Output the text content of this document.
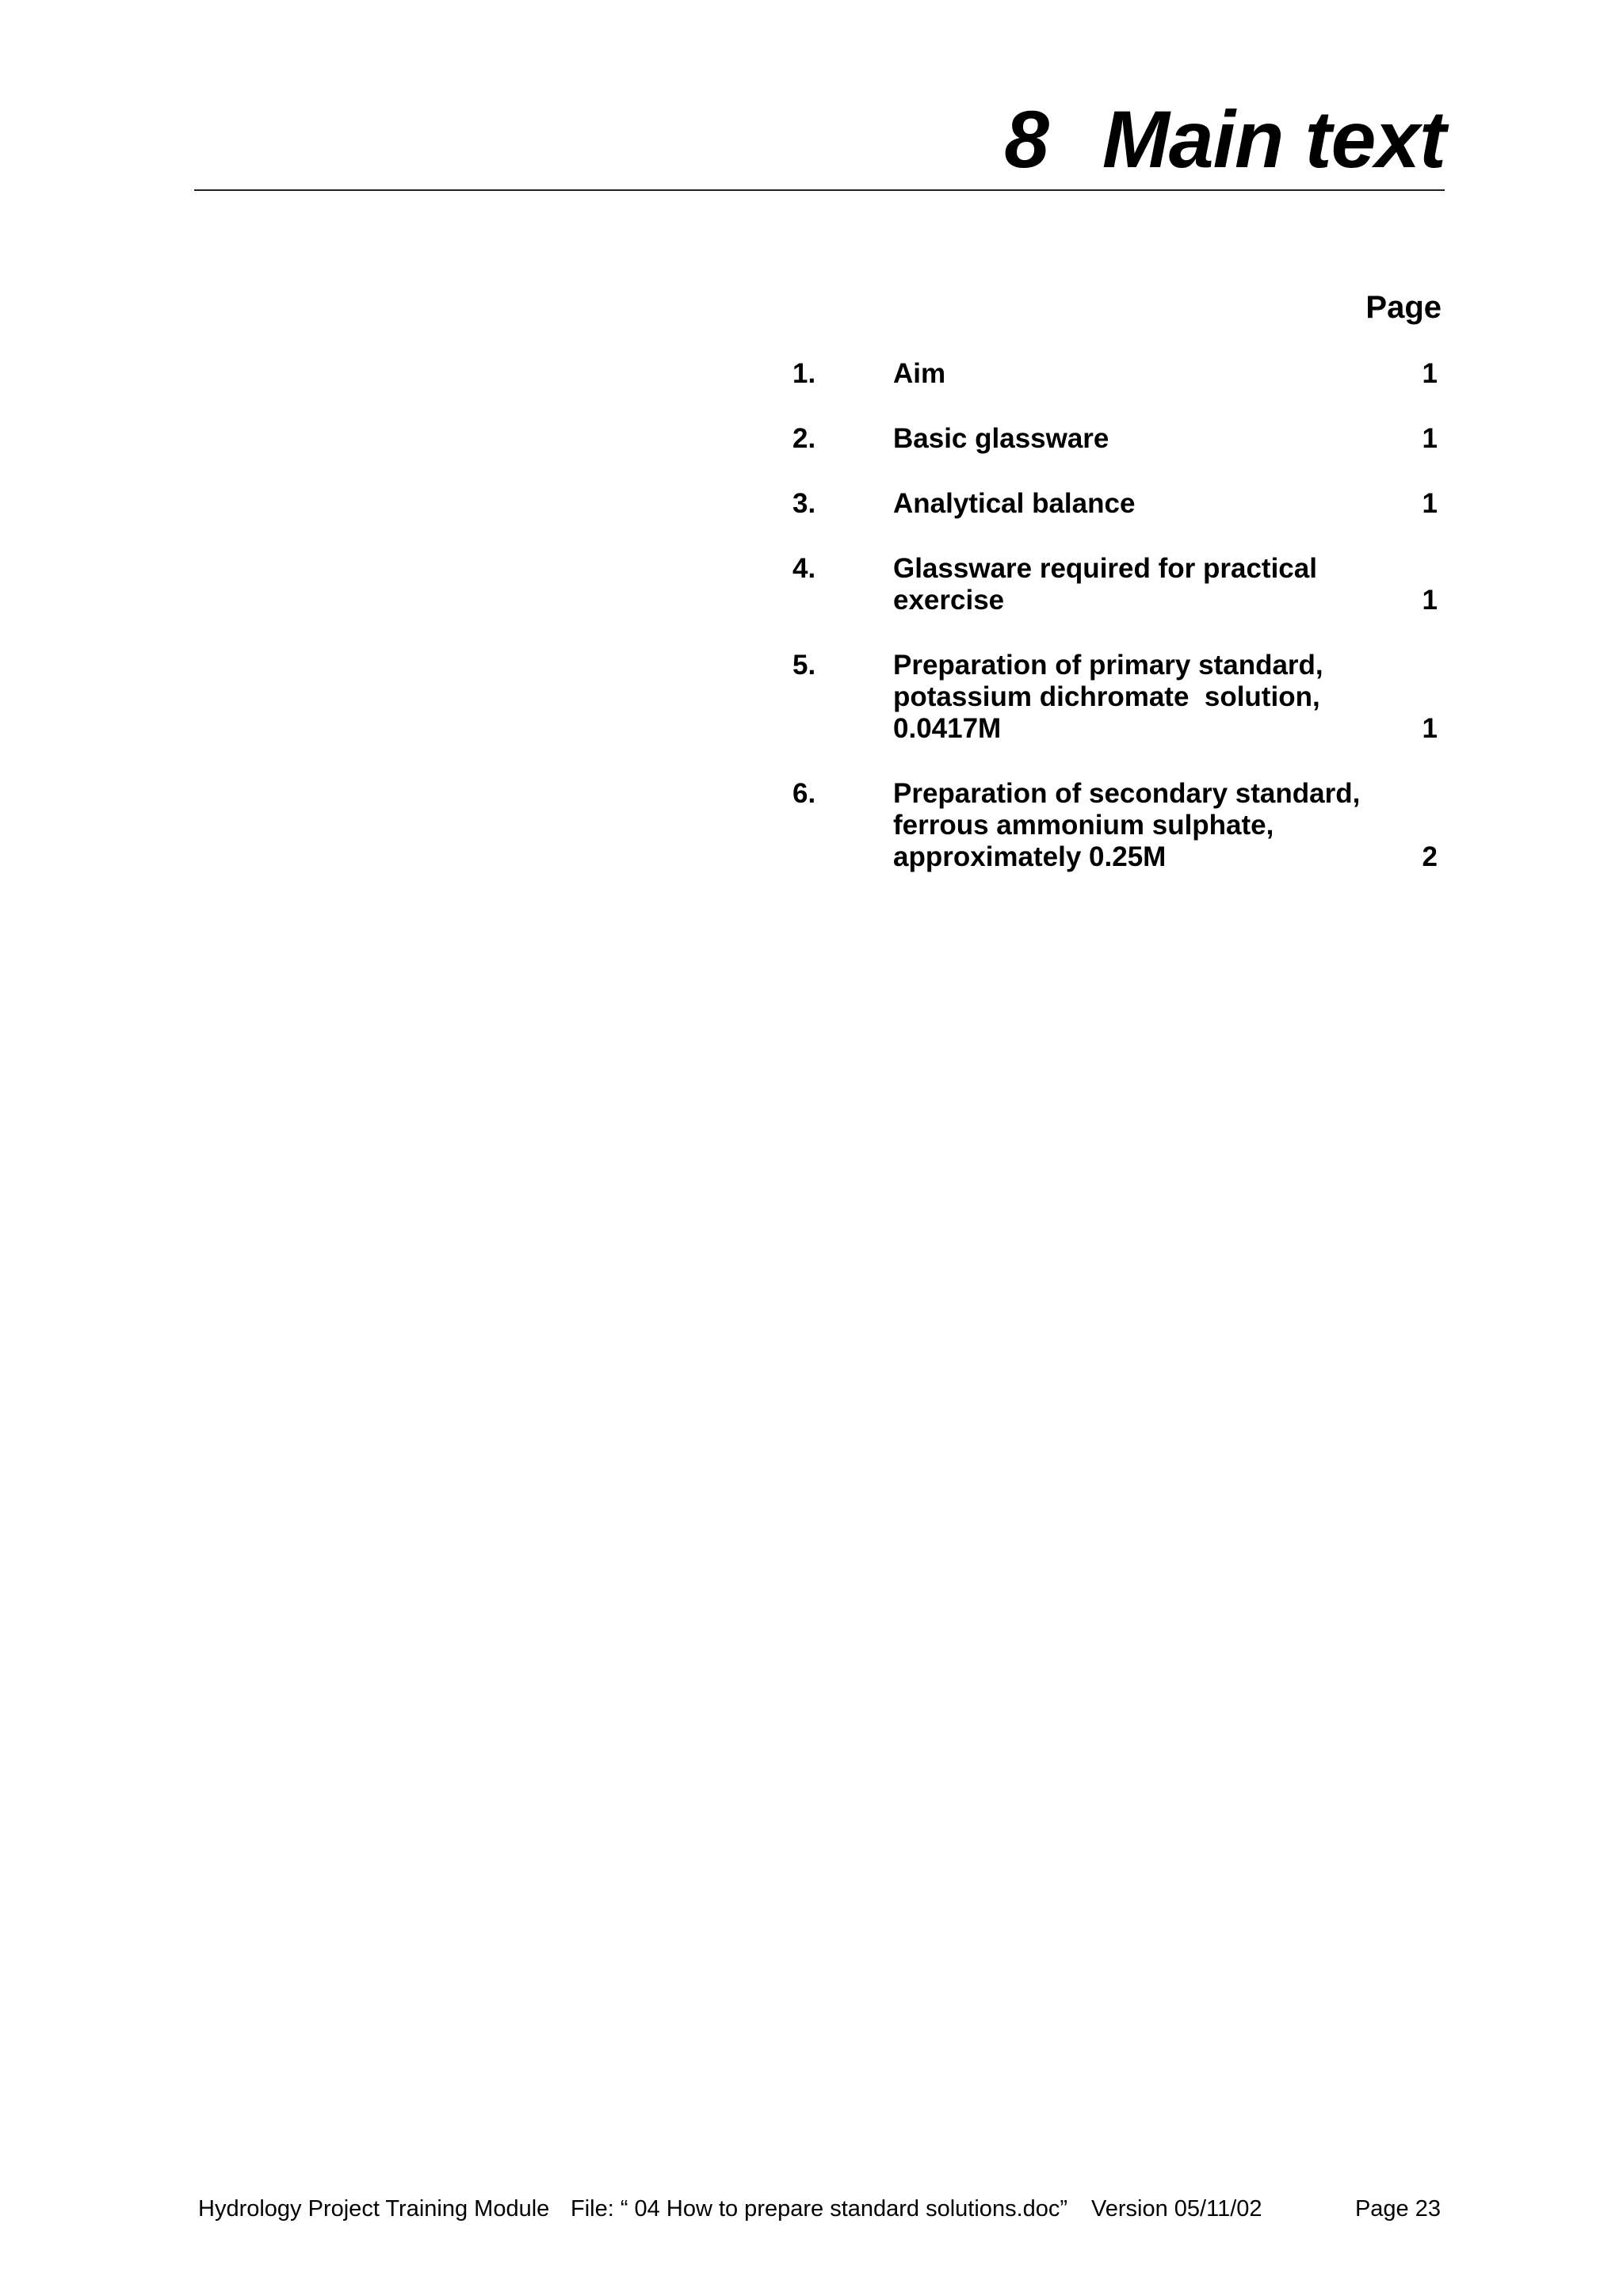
8 Main text
Page
1.	Aim	1
2.	Basic glassware	1
3.	Analytical balance	1
4.	Glassware required for practical
exercise	1
5.	Preparation of primary standard,
potassium dichromate  solution,
0.0417M	1
6.	Preparation of secondary standard,
ferrous ammonium sulphate,
approximately 0.25M	2
Hydrology Project Training Module File: “ 04 How to prepare standard solutions.doc” Version 05/11/02	Page 23
